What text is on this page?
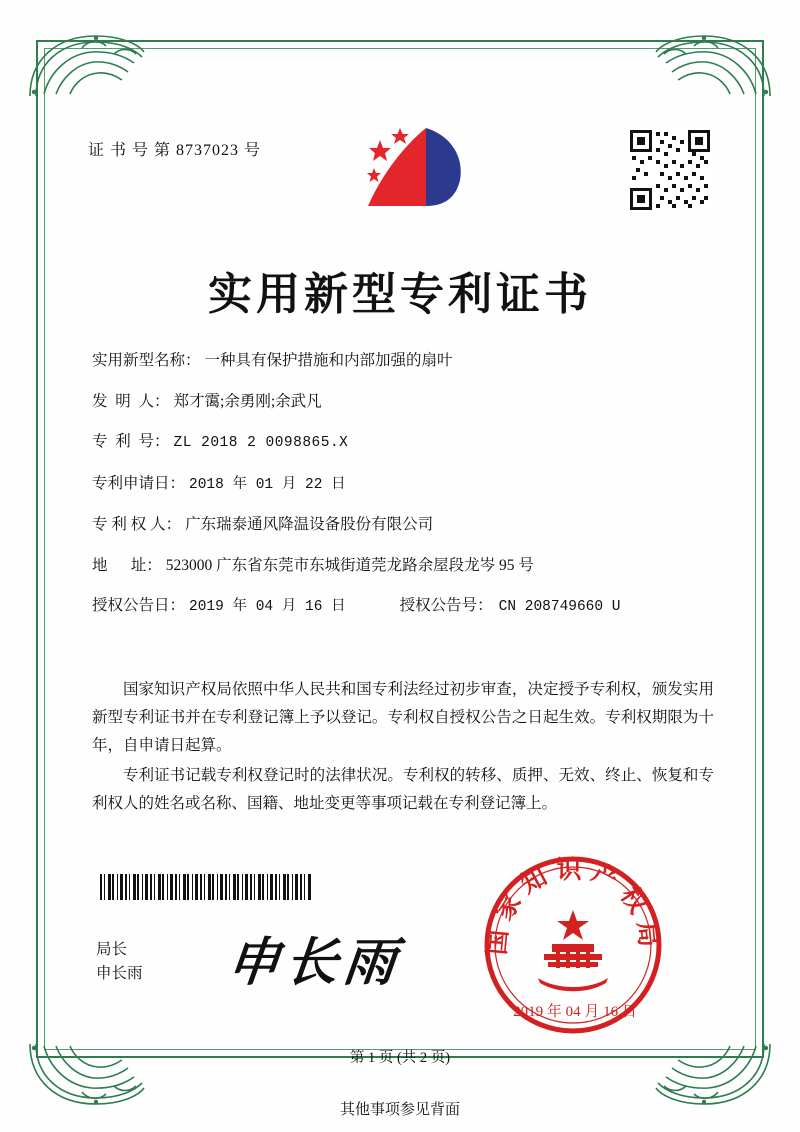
证 书 号 第 8737023 号
实用新型专利证书
实用新型名称： 一种具有保护措施和内部加强的扇叶
发  明  人： 郑才霭;余勇刚;余武凡
专  利  号： ZL 2018 2 0098865.X
专利申请日： 2018 年 01 月 22 日
专 利 权 人： 广东瑞泰通风降温设备股份有限公司
地      址： 523000 广东省东莞市东城街道莞龙路余屋段龙岑 95 号
授权公告日： 2019 年 04 月 16 日	授权公告号： CN 208749660 U

国家知识产权局依照中华人民共和国专利法经过初步审查，决定授予专利权，颁发实用新型专利证书并在专利登记簿上予以登记。专利权自授权公告之日起生效。专利权期限为十年，自申请日起算。

专利证书记载专利权登记时的法律状况。专利权的转移、质押、无效、终止、恢复和专利权人的姓名或名称、国籍、地址变更等事项记载在专利登记簿上。

局长
申长雨 申长雨	国家知识产权局
2019 年 04 月 16 日
第 1 页 (共 2 页)
其他事项参见背面
